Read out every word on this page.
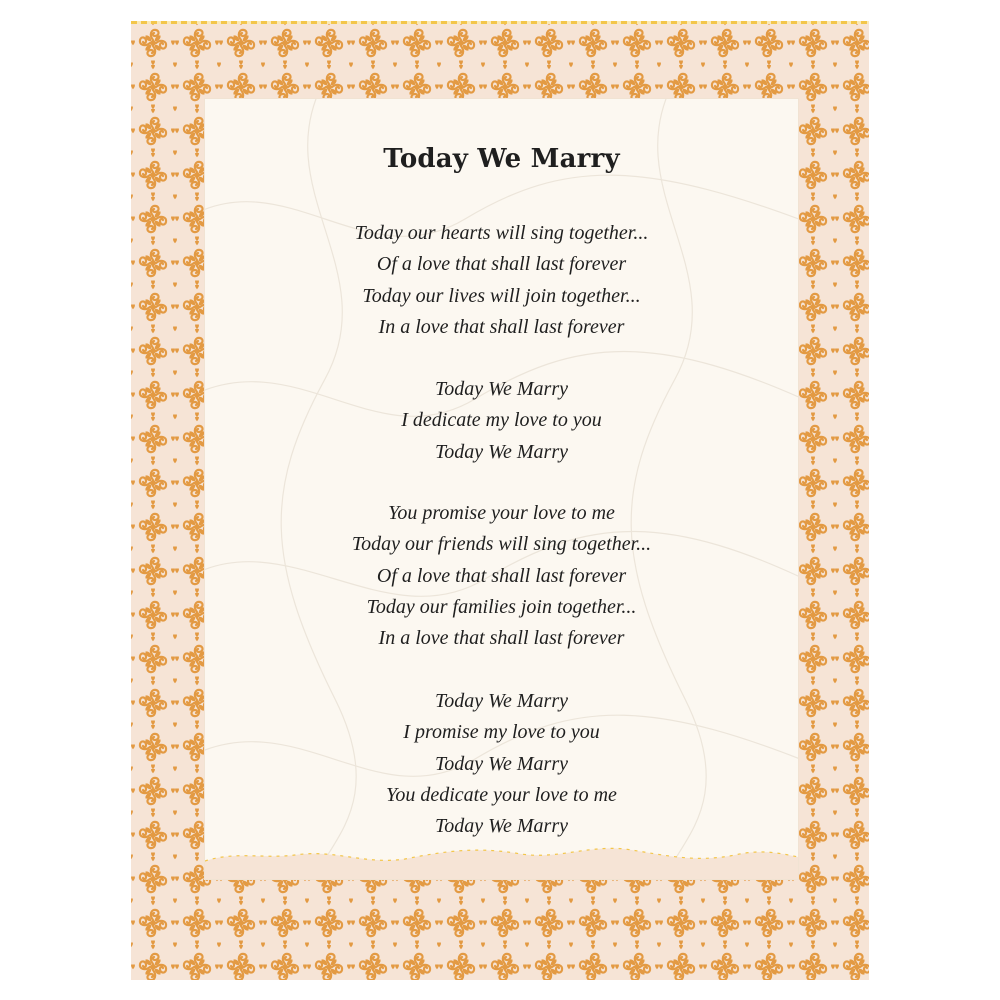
Today We Marry
Today our hearts will sing together...
Of a love that shall last forever
Today our lives will join together...
In a love that shall last forever
Today We Marry
I dedicate my love to you
Today We Marry
You promise your love to me
Today our friends will sing together...
Of a love that shall last forever
Today our families join together...
In a love that shall last forever
Today We Marry
I promise my love to you
Today We Marry
You dedicate your love to me
Today We Marry
